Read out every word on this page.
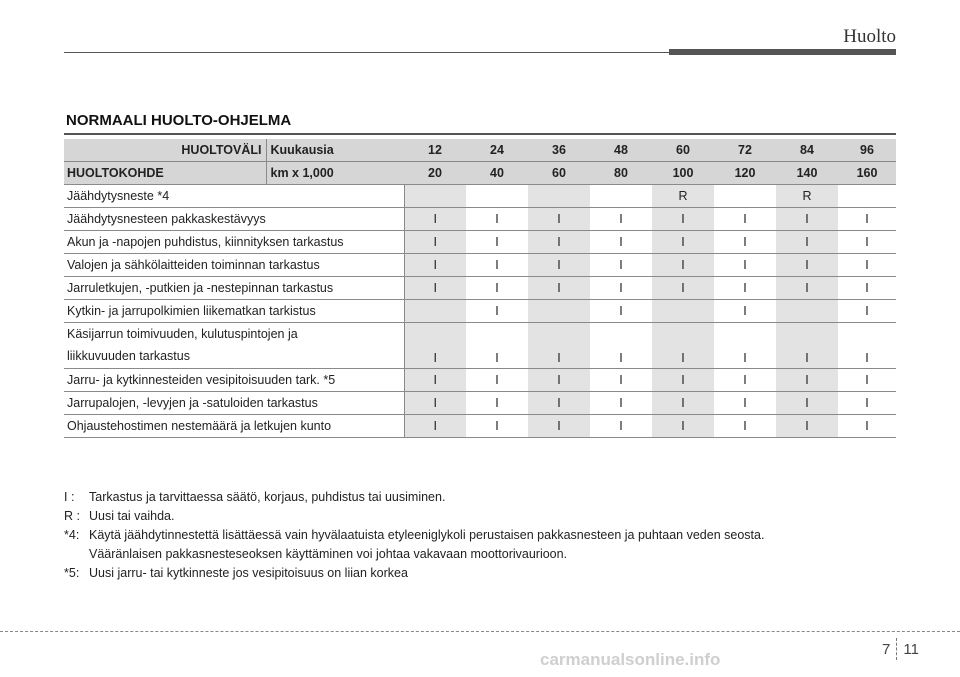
Huolto
NORMAALI HUOLTO-OHJELMA
HUOLTOVÄLI	Kuukausia	12	24	36	48	60	72	84	96
HUOLTOKOHDE	km x 1,000	20	40	60	80	100	120	140	160
Jäähdytysneste *4						R		R	
Jäähdytysnesteen pakkaskestävyys		I	I	I	I	I	I	I	I
Akun ja -napojen puhdistus, kiinnityksen tarkastus		I	I	I	I	I	I	I	I
Valojen ja sähkölaitteiden toiminnan tarkastus		I	I	I	I	I	I	I	I
Jarruletkujen, -putkien ja -nestepinnan tarkastus		I	I	I	I	I	I	I	I
Kytkin- ja jarrupolkimien liikematkan tarkistus			I		I		I		I

Käsijarrun toimivuuden, kulutuspintojen ja
liikkuvuuden tarkastus		I	I	I	I	I	I	I	I
Jarru- ja kytkinnesteiden vesipitoisuuden tark. *5		I	I	I	I	I	I	I	I
Jarrupalojen, -levyjen ja -satuloiden tarkastus		I	I	I	I	I	I	I	I
Ohjaustehostimen nestemäärä ja letkujen kunto		I	I	I	I	I	I	I	I
I :	Tarkastus ja tarvittaessa säätö, korjaus, puhdistus tai uusiminen.
R : Uusi tai vaihda.
*4: Käytä jäähdytinnestettä lisättäessä vain hyvälaatuista etyleeniglykoli perustaisen pakkasnesteen ja puhtaan veden seosta.
Vääränlaisen pakkasnesteseoksen käyttäminen voi johtaa vakavaan moottorivaurioon.
*5: Uusi jarru- tai kytkinneste jos vesipitoisuus on liian korkea
7 11
carmanualsonline.info
